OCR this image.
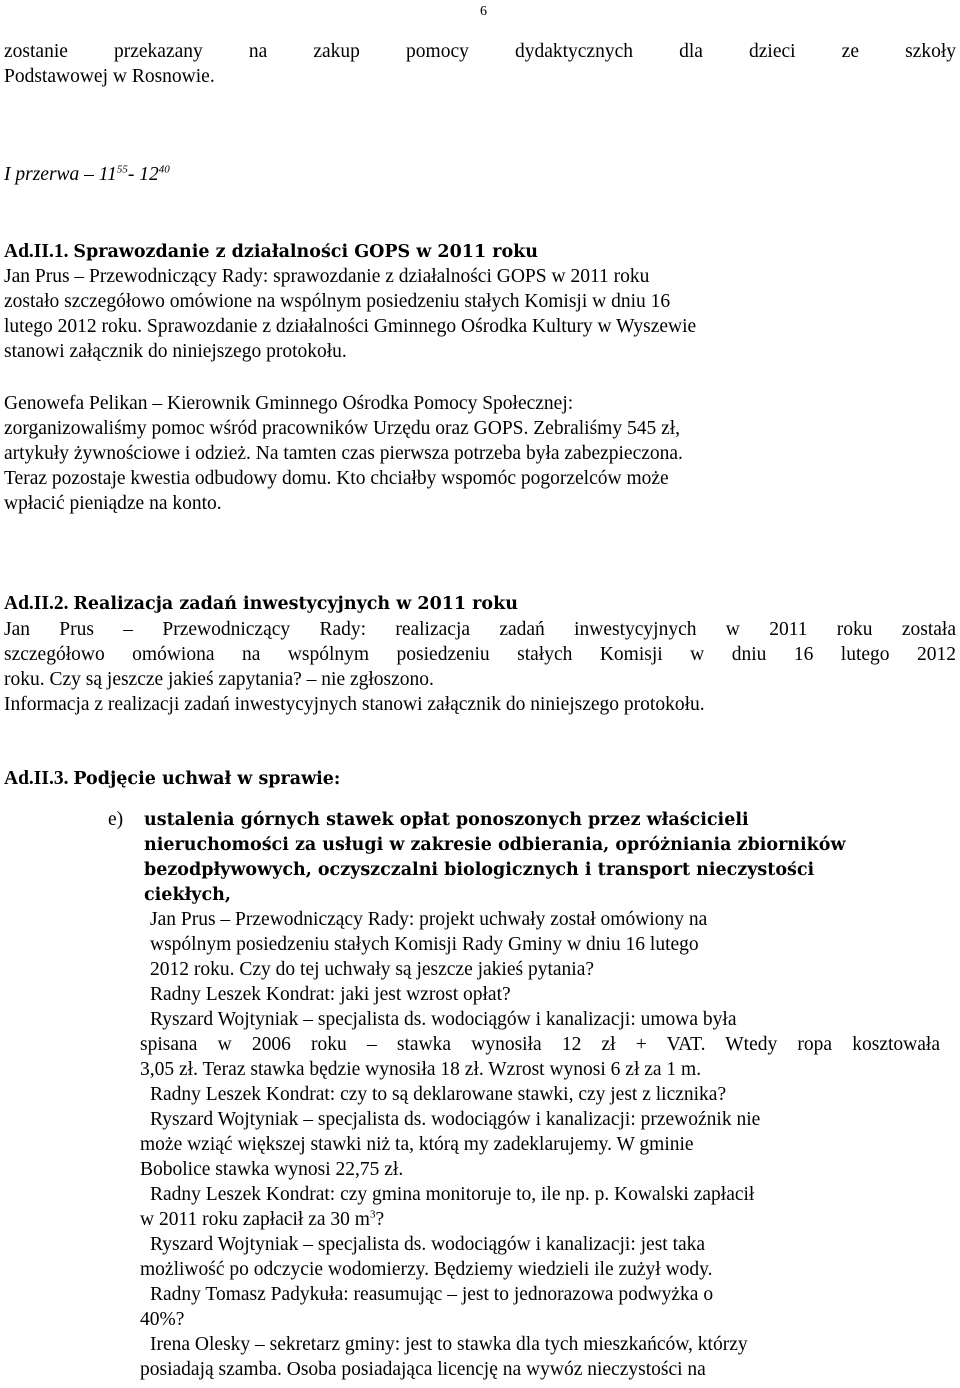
6

zostanie przekazany na zakup pomocy dydaktycznych dla dzieci ze szkoły

Podstawowej w Rosnowie.

I przerwa – $11^{55}-$ $12^{40}$

Ad.II.1. Sprawozdanie z działalności GOPS w 2011 roku

Jan Prus – Przewodniczący Rady: sprawozdanie z działalności GOPS w 2011 roku

zostało szczegółowo omówione na wspólnym posiedzeniu stałych Komisji w dniu 16

lutego 2012 roku. Sprawozdanie z działalności Gminnego Ośrodka Kultury w Wyszewie

stanowi załącznik do niniejszego protokołu.

Genowefa Pelikan – Kierownik Gminnego Ośrodka Pomocy Społecznej:

zorganizowaliśmy pomoc wśród pracowników Urzędu oraz GOPS. Zebraliśmy 545 zł,

artykuły żywnościowe i odzież. Na tamten czas pierwsza potrzeba była zabezpieczona.

Teraz pozostaje kwestia odbudowy domu. Kto chciałby wspomóc pogorzelców może

wpłacić pieniądze na konto.

Ad.II.2. Realizacja zadań inwestycyjnych w 2011 roku

Jan Prus – Przewodniczący Rady: realizacja zadań inwestycyjnych w 2011 roku została

szczegółowo omówiona na wspólnym posiedzeniu stałych Komisji w dniu 16 lutego 2012

roku. Czy są jeszcze jakieś zapytania? – nie zgłoszono.

Informacja z realizacji zadań inwestycyjnych stanowi załącznik do niniejszego protokołu.

Ad.II.3. Podjęcie uchwał w sprawie:

e) ustalenia górnych stawek opłat ponoszonych przez właścicieli

nieruchomości za usługi w zakresie odbierania, opróżniania zbiorników

bezodpływowych, oczyszczalni biologicznych i transport nieczystości

ciekłych,

Jan Prus – Przewodniczący Rady: projekt uchwały został omówiony na

wspólnym posiedzeniu stałych Komisji Rady Gminy w dniu 16 lutego

2012 roku. Czy do tej uchwały są jeszcze jakieś pytania?

Radny Leszek Kondrat: jaki jest wzrost opłat?

Ryszard Wojtyniak – specjalista ds. wodociągów i kanalizacji: umowa była

spisana w 2006 roku – stawka wynosiła 12 zł + VAT. Wtedy ropa kosztowała

3,05 zł. Teraz stawka będzie wynosiła 18 zł. Wzrost wynosi 6 zł za 1 m.

Radny Leszek Kondrat: czy to są deklarowane stawki, czy jest z licznika?

Ryszard Wojtyniak – specjalista ds. wodociągów i kanalizacji: przewoźnik nie

może wziąć większej stawki niż ta, którą my zadeklarujemy. W gminie

Bobolice stawka wynosi 22,75 zł.

Radny Leszek Kondrat: czy gmina monitoruje to, ile np. p. Kowalski zapłacił

w 2011 roku zapłacił za 30 $m^3$?

Ryszard Wojtyniak – specjalista ds. wodociągów i kanalizacji: jest taka

możliwość po odczycie wodomierzy. Będziemy wiedzieli ile zużył wody.

Radny Tomasz Padykuła: reasumując – jest to jednorazowa podwyżka o

40%?

Irena Olesky – sekretarz gminy: jest to stawka dla tych mieszkańców, którzy

posiadają szamba. Osoba posiadająca licencję na wywóz nieczystości na
